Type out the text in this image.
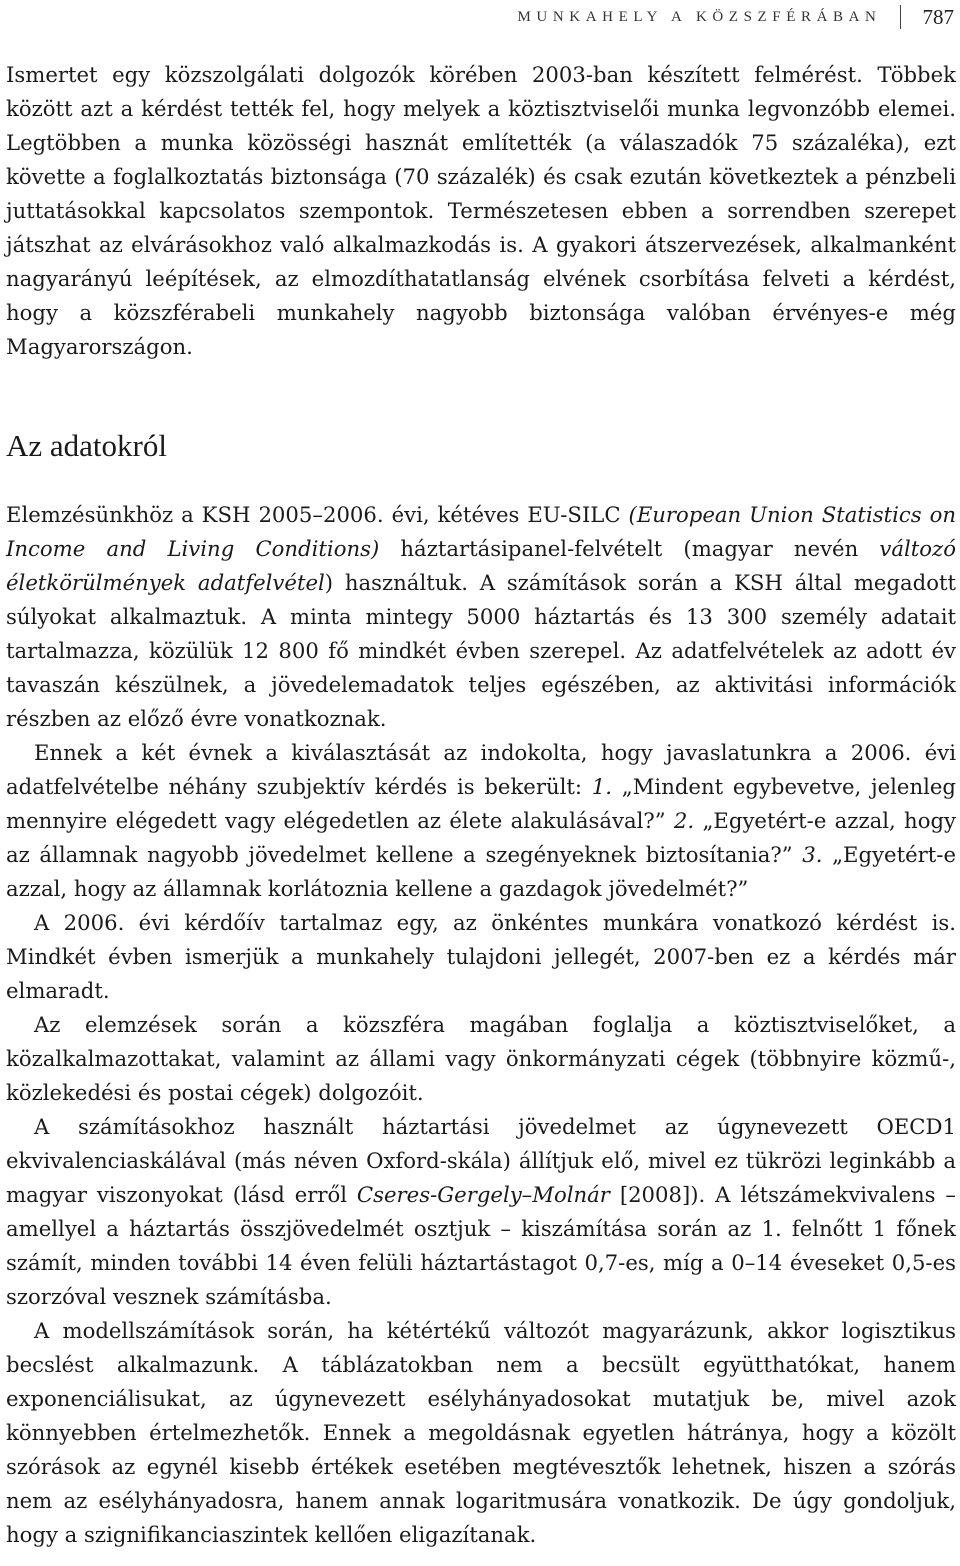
MUNKAHELY A KÖZSZFÉRÁBAN 787

Ismertet egy közszolgálati dolgozók körében 2003-ban készített felmérést. Többek között azt a kérdést tették fel, hogy melyek a köztisztviselői munka legvonzóbb elemei. Legtöbben a munka közösségi hasznát említették (a válaszadók 75 százaléka), ezt követte a foglalkoztatás biztonsága (70 százalék) és csak ezután következtek a pénzbeli juttatásokkal kapcsolatos szempontok. Természetesen ebben a sorrendben szerepet játszhat az elvárásokhoz való alkalmazkodás is. A gyakori átszervezések, alkalmanként nagyarányú leépítések, az elmozdíthatatlanság elvének csorbítása felveti a kérdést, hogy a közszférabeli munkahely nagyobb biztonsága valóban érvényes-e még Magyarországon.

Az adatokról

Elemzésünkhöz a KSH 2005–2006. évi, kétéves EU-SILC (European Union Statistics on Income and Living Conditions) háztartásipanel-felvételt (magyar nevén változó életkörülmények adatfelvétel) használtuk. A számítások során a KSH által megadott súlyokat alkalmaztuk. A minta mintegy 5000 háztartás és 13 300 személy adatait tartalmazza, közülük 12 800 fő mindkét évben szerepel. Az adatfelvételek az adott év tavaszán készülnek, a jövedelemadatok teljes egészében, az aktivitási információk részben az előző évre vonatkoznak.

Ennek a két évnek a kiválasztását az indokolta, hogy javaslatunkra a 2006. évi adatfelvételbe néhány szubjektív kérdés is bekerült: 1. „Mindent egybevetve, jelenleg mennyire elégedett vagy elégedetlen az élete alakulásával?” 2. „Egyetért-e azzal, hogy az államnak nagyobb jövedelmet kellene a szegényeknek biztosítania?” 3. „Egyetért-e azzal, hogy az államnak korlátoznia kellene a gazdagok jövedelmét?”

A 2006. évi kérdőív tartalmaz egy, az önkéntes munkára vonatkozó kérdést is. Mindkét évben ismerjük a munkahely tulajdoni jellegét, 2007-ben ez a kérdés már elmaradt.

Az elemzések során a közszféra magában foglalja a köztisztviselőket, a közalkalmazottakat, valamint az állami vagy önkormányzati cégek (többnyire közmű-, közlekedési és postai cégek) dolgozóit.

A számításokhoz használt háztartási jövedelmet az úgynevezett OECD1 ekvivalenciaskálával (más néven Oxford-skála) állítjuk elő, mivel ez tükrözi leginkább a magyar viszonyokat (lásd erről Cseres-Gergely–Molnár [2008]). A létszámekvivalens – amellyel a háztartás összjövedelmét osztjuk – kiszámítása során az 1. felnőtt 1 főnek számít, minden további 14 éven felüli háztartástagot 0,7-es, míg a 0–14 éveseket 0,5-es szorzóval vesznek számításba.

A modellszámítások során, ha kétértékű változót magyarázunk, akkor logisztikus becslést alkalmazunk. A táblázatokban nem a becsült együtthatókat, hanem exponenciálisukat, az úgynevezett esélyhányadosokat mutatjuk be, mivel azok könnyebben értelmezhetők. Ennek a megoldásnak egyetlen hátránya, hogy a közölt szórások az egynél kisebb értékek esetében megtévesztők lehetnek, hiszen a szórás nem az esélyhányadosra, hanem annak logaritmusára vonatkozik. De úgy gondoljuk, hogy a szignifikanciaszintek kellően eligazítanak.
